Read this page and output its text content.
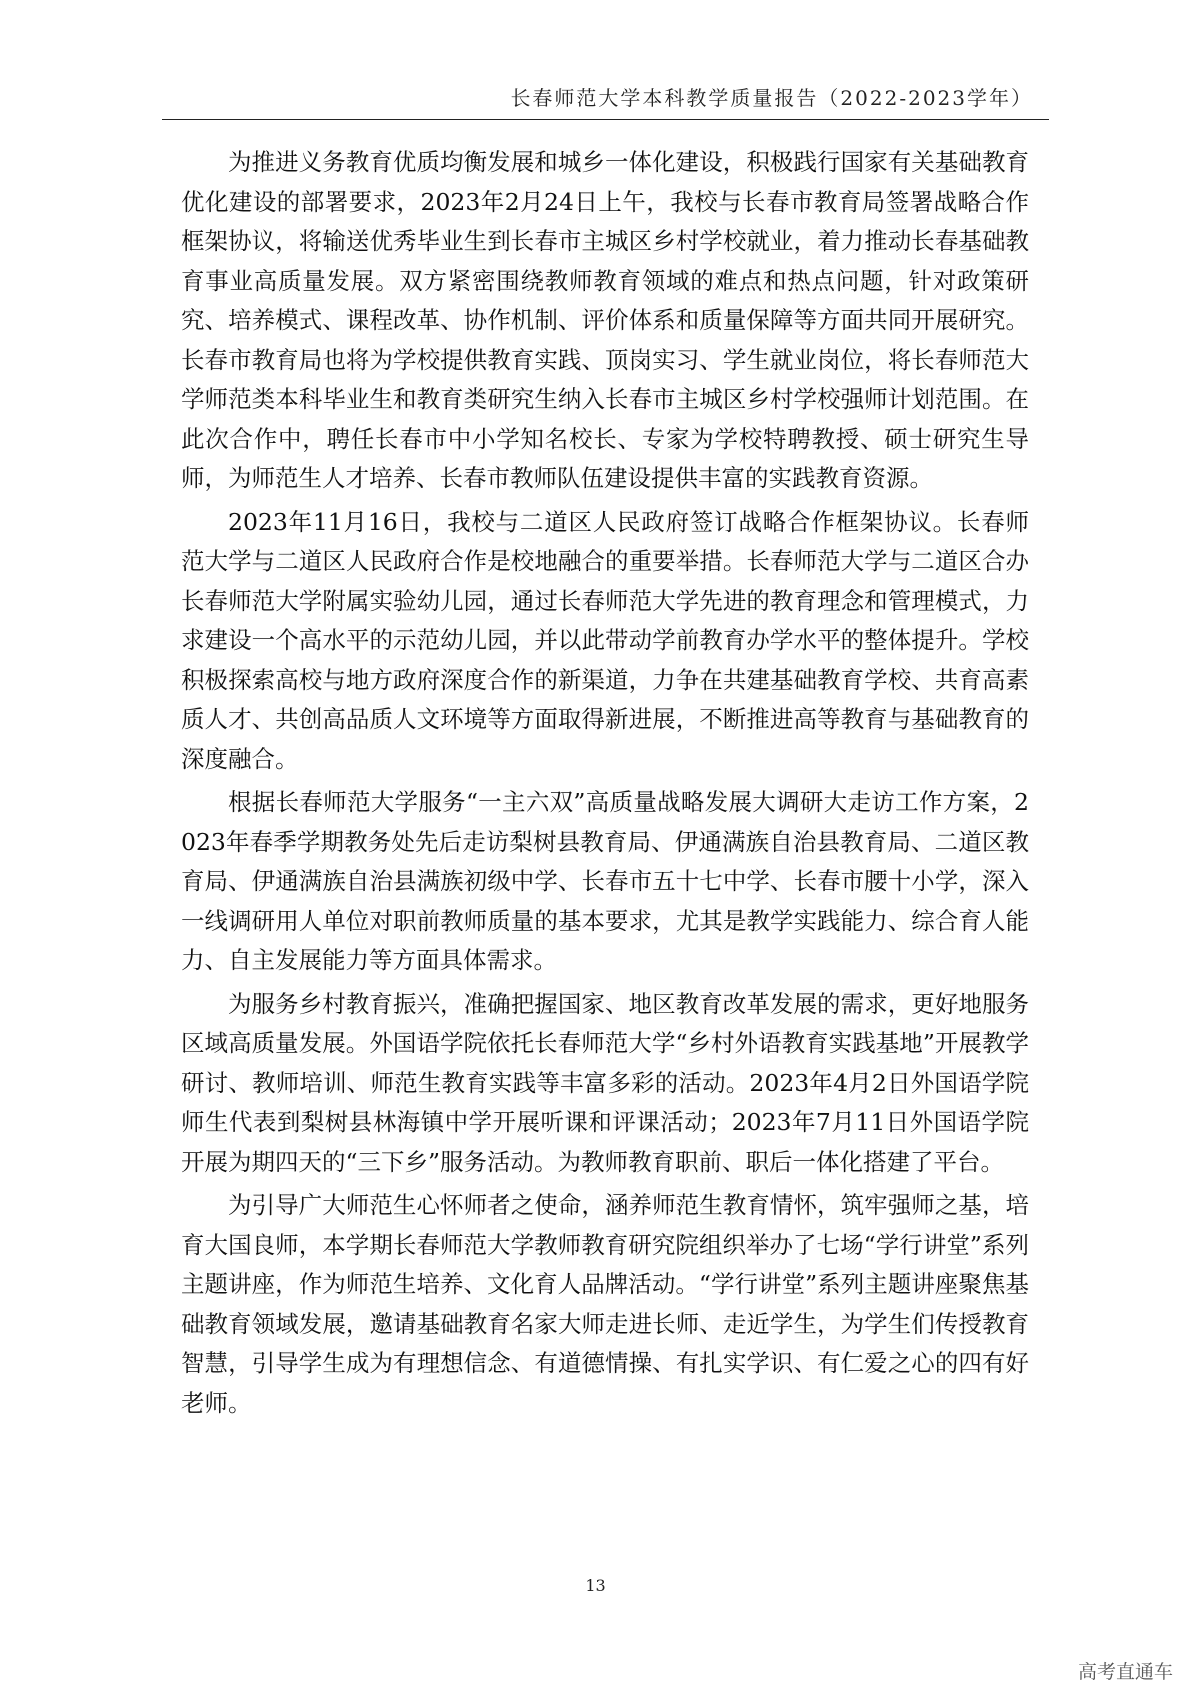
长春师范大学本科教学质量报告（2022-2023学年）

为推进义务教育优质均衡发展和城乡一体化建设，积极践行国家有关基础教育优化建设的部署要求，2023年2月24日上午，我校与长春市教育局签署战略合作框架协议，将输送优秀毕业生到长春市主城区乡村学校就业，着力推动长春基础教育事业高质量发展。双方紧密围绕教师教育领域的难点和热点问题，针对政策研究、培养模式、课程改革、协作机制、评价体系和质量保障等方面共同开展研究。长春市教育局也将为学校提供教育实践、顶岗实习、学生就业岗位，将长春师范大学师范类本科毕业生和教育类研究生纳入长春市主城区乡村学校强师计划范围。在此次合作中，聘任长春市中小学知名校长、专家为学校特聘教授、硕士研究生导师，为师范生人才培养、长春市教师队伍建设提供丰富的实践教育资源。

2023年11月16日，我校与二道区人民政府签订战略合作框架协议。长春师范大学与二道区人民政府合作是校地融合的重要举措。长春师范大学与二道区合办长春师范大学附属实验幼儿园，通过长春师范大学先进的教育理念和管理模式，力求建设一个高水平的示范幼儿园，并以此带动学前教育办学水平的整体提升。学校积极探索高校与地方政府深度合作的新渠道，力争在共建基础教育学校、共育高素质人才、共创高品质人文环境等方面取得新进展，不断推进高等教育与基础教育的深度融合。

根据长春师范大学服务“一主六双”高质量战略发展大调研大走访工作方案，2023年春季学期教务处先后走访梨树县教育局、伊通满族自治县教育局、二道区教育局、伊通满族自治县满族初级中学、长春市五十七中学、长春市腰十小学，深入一线调研用人单位对职前教师质量的基本要求，尤其是教学实践能力、综合育人能力、自主发展能力等方面具体需求。

为服务乡村教育振兴，准确把握国家、地区教育改革发展的需求，更好地服务区域高质量发展。外国语学院依托长春师范大学“乡村外语教育实践基地”开展教学研讨、教师培训、师范生教育实践等丰富多彩的活动。2023年4月2日外国语学院师生代表到梨树县林海镇中学开展听课和评课活动；2023年7月11日外国语学院开展为期四天的“三下乡”服务活动。为教师教育职前、职后一体化搭建了平台。

为引导广大师范生心怀师者之使命，涵养师范生教育情怀，筑牢强师之基，培育大国良师，本学期长春师范大学教师教育研究院组织举办了七场“学行讲堂”系列主题讲座，作为师范生培养、文化育人品牌活动。“学行讲堂”系列主题讲座聚焦基础教育领域发展，邀请基础教育名家大师走进长师、走近学生，为学生们传授教育智慧，引导学生成为有理想信念、有道德情操、有扎实学识、有仁爱之心的四有好老师。

13
高考直通车
